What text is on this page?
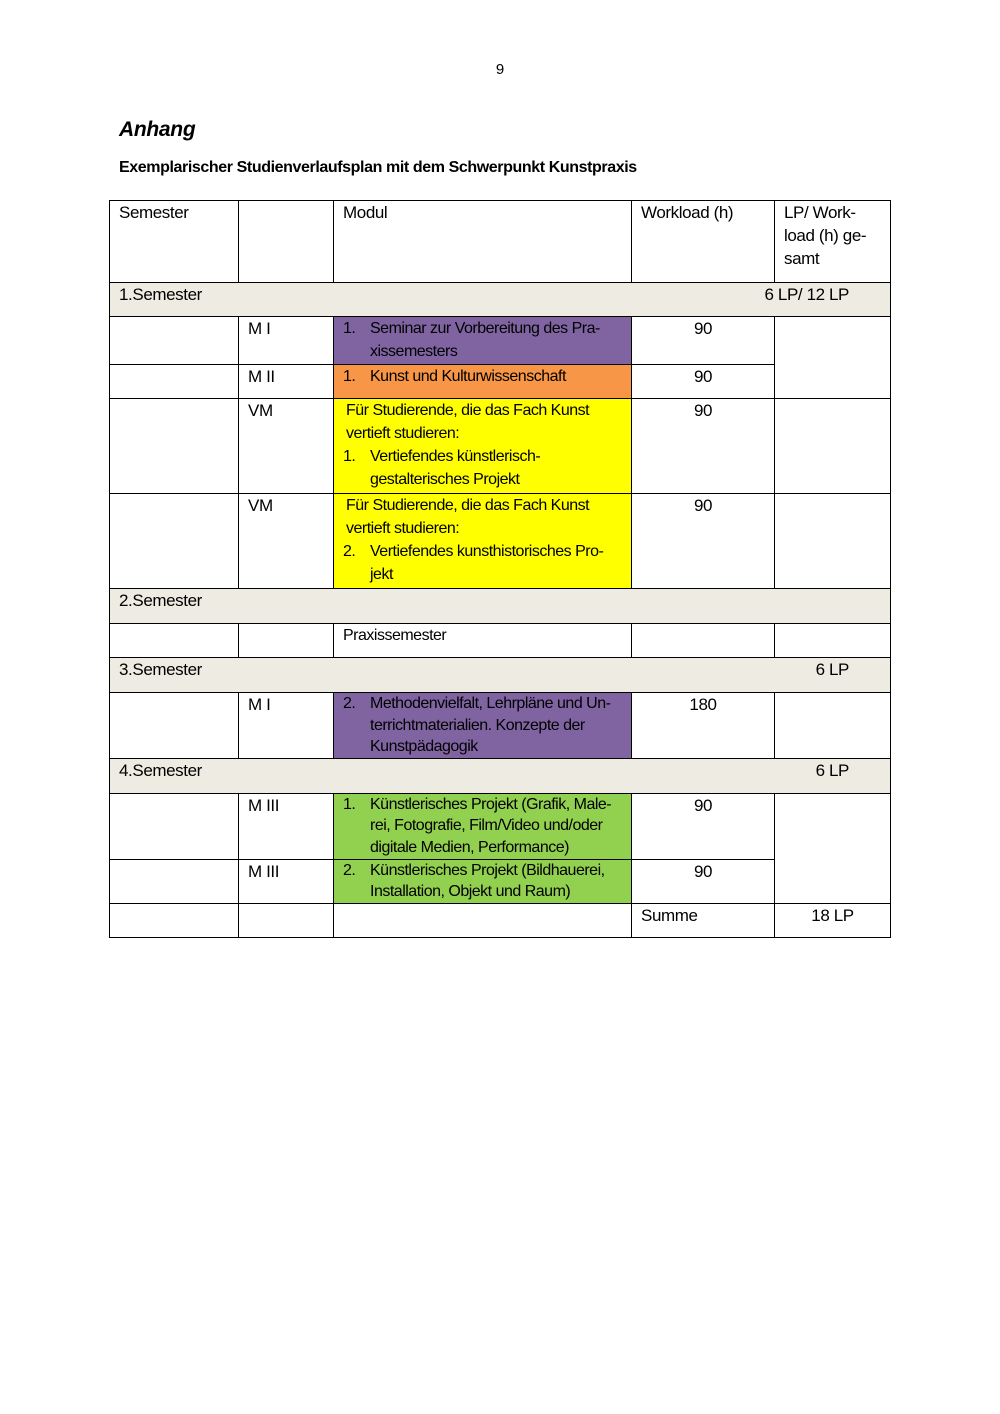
9
Anhang
Exemplarischer Studienverlaufsplan mit dem Schwerpunkt Kunstpraxis
Semester		Modul	Workload (h)	LP/ Work-
load (h) ge-
samt

1.Semester 6 LP/ 12 LP				

	M I	1. Seminar zur Vorbereitung des Pra-
xissemesters	90	
	M II	1. Kunst und Kulturwissenschaft	90	
	VM	Für Studierende, die das Fach Kunst
vertieft studieren:
1. Vertiefendes künstlerisch-
gestalterisches Projekt	90	
	VM	Für Studierende, die das Fach Kunst
vertieft studieren:
2. Vertiefendes kunsthistorisches Pro-
jekt	90	
2.Semester				

		Praxissemester		
3.Semester 6 LP				

	M I	2. Methodenvielfalt, Lehrpläne und Un-
terrichtmaterialien. Konzepte der
Kunstpädagogik	180	
4.Semester 6 LP				

	M III	1. Künstlerisches Projekt (Grafik, Male-
rei, Fotografie, Film/Video und/oder
digitale Medien, Performance)	90	
	M III	2. Künstlerisches Projekt (Bildhauerei,
Installation, Objekt und Raum)	90	
			Summe	18 LP
